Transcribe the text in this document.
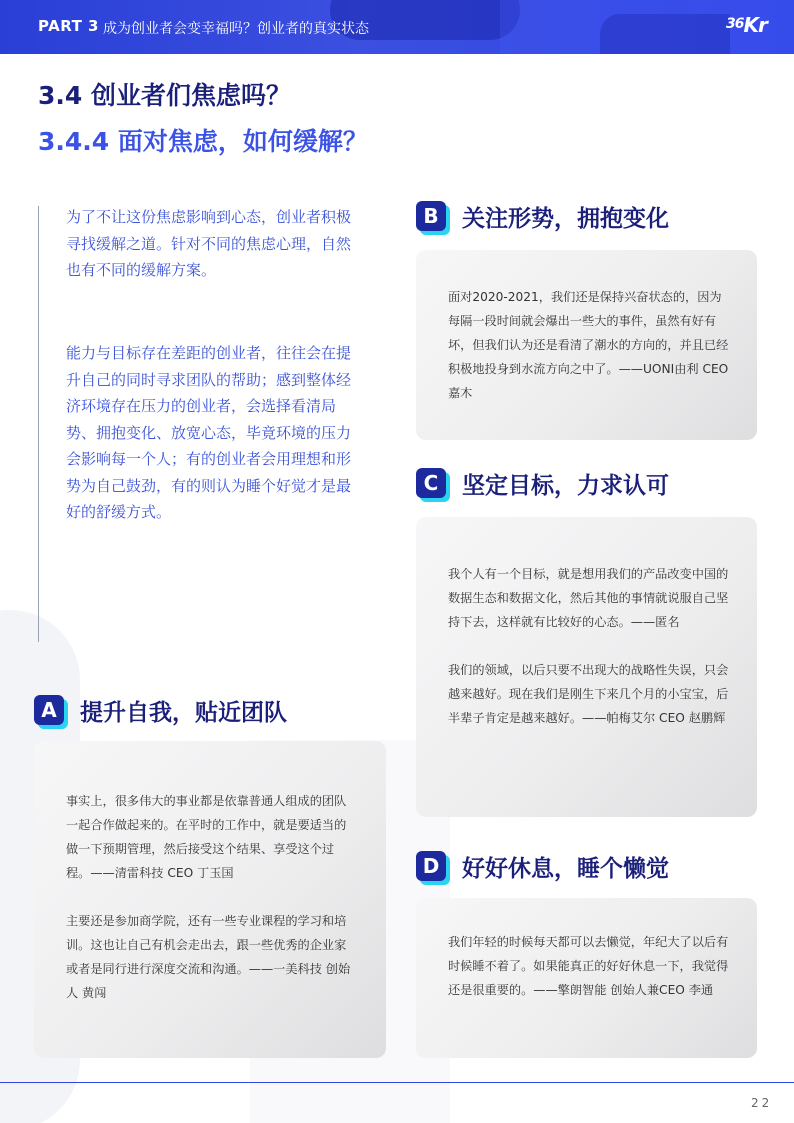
PART 3 成为创业者会变幸福吗？创业者的真实状态	$^{36}$Kr
3.4 创业者们焦虑吗？
3.4.4 面对焦虑，如何缓解？

为了不让这份焦虑影响到心态，创业者积极寻找缓解之道。针对不同的焦虑心理，自然也有不同的缓解方案。

能力与目标存在差距的创业者，往往会在提升自己的同时寻求团队的帮助；感到整体经济环境存在压力的创业者，会选择看清局势、拥抱变化、放宽心态，毕竟环境的压力会影响每一个人；有的创业者会用理想和形势为自己鼓劲，有的则认为睡个好觉才是最好的舒缓方式。

A	提升自我，贴近团队

事实上，很多伟大的事业都是依靠普通人组成的团队一起合作做起来的。在平时的工作中，就是要适当的做一下预期管理，然后接受这个结果、享受这个过程。——清雷科技 CEO 丁玉国

主要还是参加商学院，还有一些专业课程的学习和培训。这也让自己有机会走出去，跟一些优秀的企业家或者是同行进行深度交流和沟通。——一美科技 创始人 黄闯

B	关注形势，拥抱变化

面对2020-2021，我们还是保持兴奋状态的，因为每隔一段时间就会爆出一些大的事件，虽然有好有坏，但我们认为还是看清了潮水的方向的，并且已经积极地投身到水流方向之中了。——UONI由利 CEO 嘉木

C	坚定目标，力求认可

我个人有一个目标，就是想用我们的产品改变中国的数据生态和数据文化，然后其他的事情就说服自己坚持下去，这样就有比较好的心态。——匿名

我们的领域，以后只要不出现大的战略性失误，只会越来越好。现在我们是刚生下来几个月的小宝宝，后半辈子肯定是越来越好。——帕梅艾尔 CEO 赵鹏辉

D 好好休息，睡个懒觉

我们年轻的时候每天都可以去懒觉，年纪大了以后有时候睡不着了。如果能真正的好好休息一下，我觉得还是很重要的。——擎朗智能 创始人兼CEO 李通

22
